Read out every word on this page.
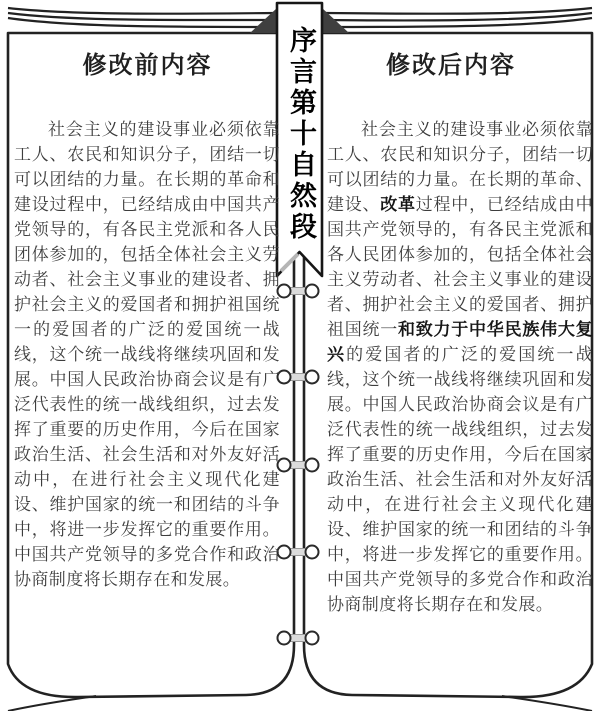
修改前内容	修改后内容
序言第十自然段
社会主义的建设事业必须依靠工人、农民和知识分子，团结一切可以团结的力量。在长期的革命和建设过程中，已经结成由中国共产党领导的，有各民主党派和各人民团体参加的，包括全体社会主义劳动者、社会主义事业的建设者、拥护社会主义的爱国者和拥护祖国统一的爱国者的广泛的爱国统一战线，这个统一战线将继续巩固和发展。中国人民政治协商会议是有广泛代表性的统一战线组织，过去发挥了重要的历史作用，今后在国家政治生活、社会生活和对外友好活动中，在进行社会主义现代化建设、维护国家的统一和团结的斗争中，将进一步发挥它的重要作用。中国共产党领导的多党合作和政治协商制度将长期存在和发展。
社会主义的建设事业必须依靠工人、农民和知识分子，团结一切可以团结的力量。在长期的革命、建设、改革过程中，已经结成由中国共产党领导的，有各民主党派和各人民团体参加的，包括全体社会主义劳动者、社会主义事业的建设者、拥护社会主义的爱国者、拥护祖国统一和致力于中华民族伟大复兴的爱国者的广泛的爱国统一战线，这个统一战线将继续巩固和发展。中国人民政治协商会议是有广泛代表性的统一战线组织，过去发挥了重要的历史作用，今后在国家政治生活、社会生活和对外友好活动中，在进行社会主义现代化建设、维护国家的统一和团结的斗争中，将进一步发挥它的重要作用。中国共产党领导的多党合作和政治协商制度将长期存在和发展。
